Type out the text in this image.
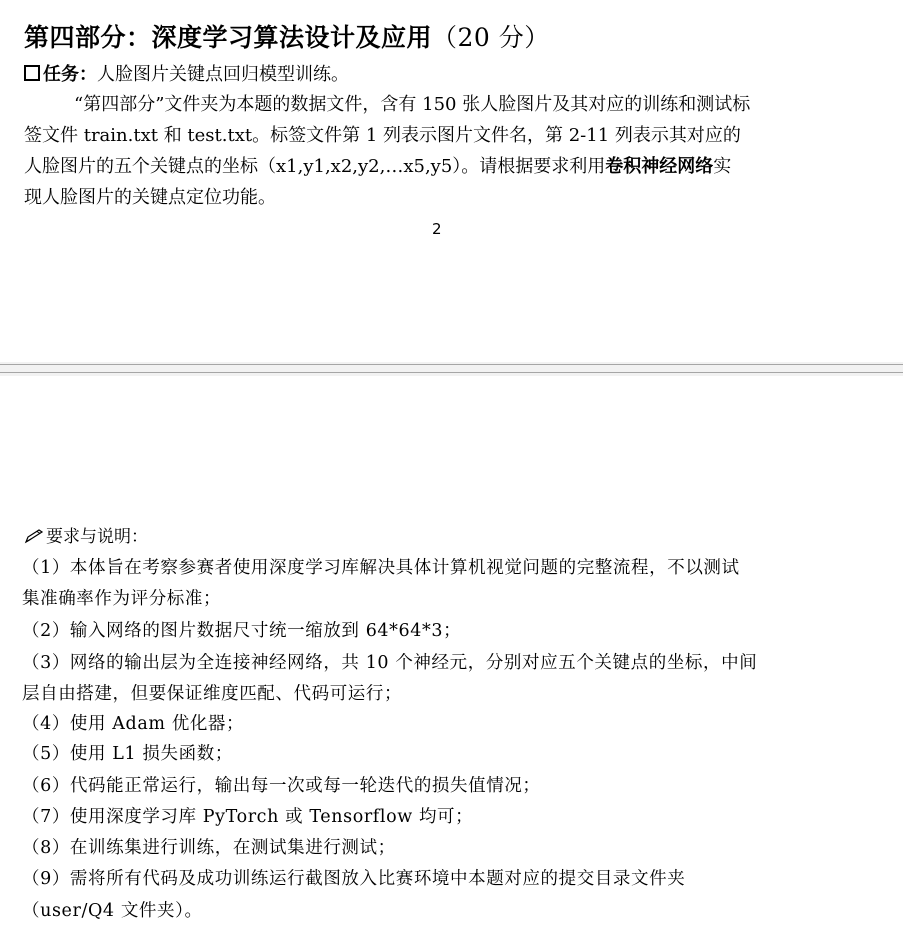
第四部分：深度学习算法设计及应用（20 分）
任务：人脸图片关键点回归模型训练。
“第四部分”文件夹为本题的数据文件，含有 150 张人脸图片及其对应的训练和测试标
签文件 train.txt 和 test.txt。标签文件第 1 列表示图片文件名，第 2-11 列表示其对应的
人脸图片的五个关键点的坐标（x1,y1,x2,y2,…x5,y5）。请根据要求利用卷积神经网络实
现人脸图片的关键点定位功能。
2
要求与说明：
（1）本体旨在考察参赛者使用深度学习库解决具体计算机视觉问题的完整流程，不以测试
集准确率作为评分标准；
（2）输入网络的图片数据尺寸统一缩放到 64*64*3；
（3）网络的输出层为全连接神经网络，共 10 个神经元，分别对应五个关键点的坐标，中间
层自由搭建，但要保证维度匹配、代码可运行；
（4）使用 Adam 优化器；
（5）使用 L1 损失函数；
（6）代码能正常运行，输出每一次或每一轮迭代的损失值情况；
（7）使用深度学习库 PyTorch 或 Tensorflow 均可；
（8）在训练集进行训练，在测试集进行测试；
（9）需将所有代码及成功训练运行截图放入比赛环境中本题对应的提交目录文件夹
（user/Q4 文件夹）。
